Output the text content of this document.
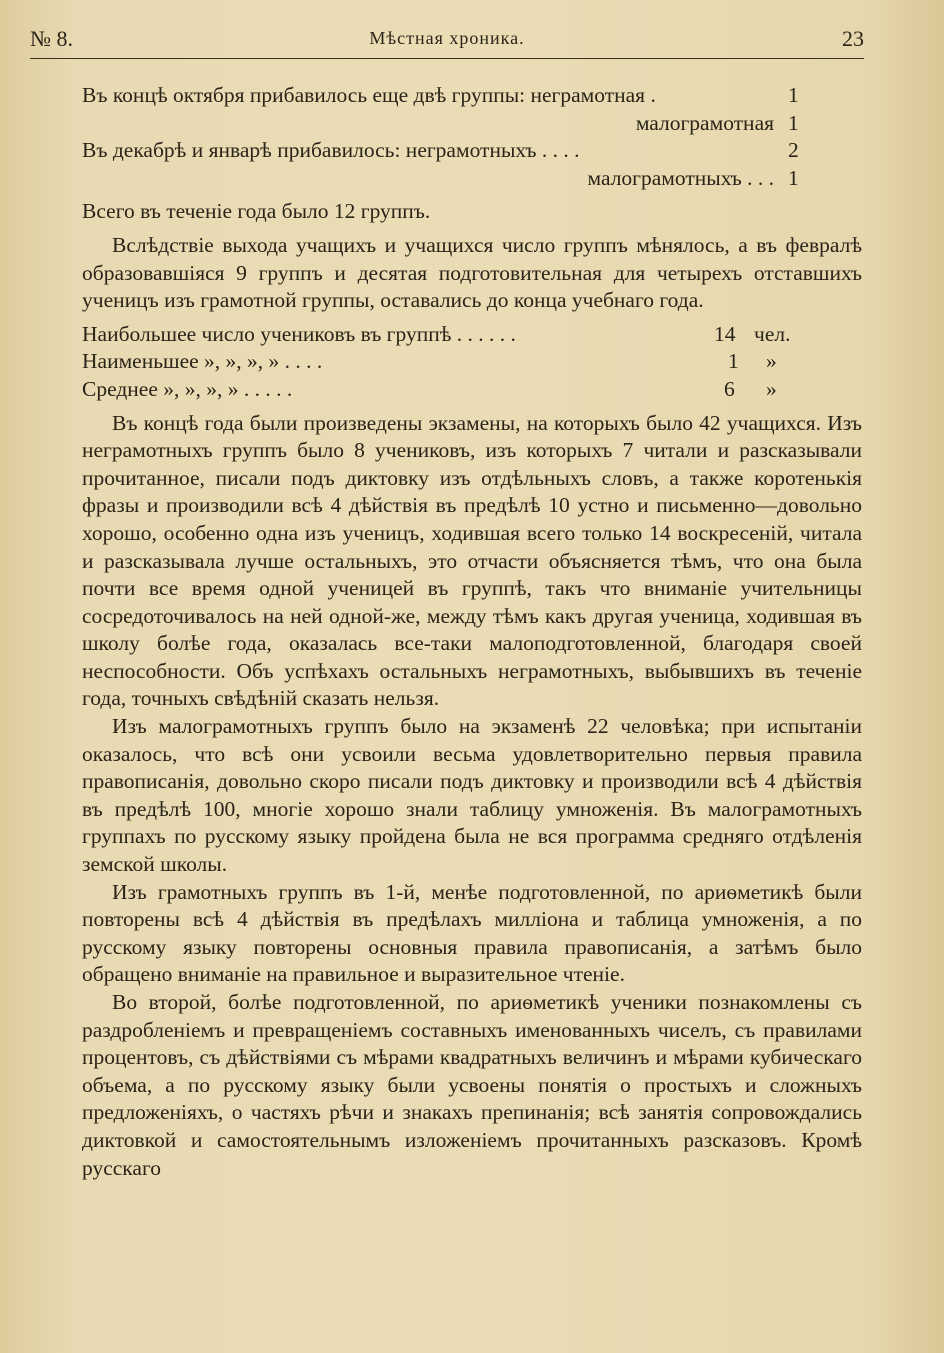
№ 8.	Мѣстная хроника.	23
Въ концѣ октября прибавилось еще двѣ группы: неграмотная .	1
малограмотная 1
Въ декабрѣ и январѣ прибавилось: неграмотныхъ . . . .	2
малограмотныхъ . . . 1

Всего въ теченіе года было 12 группъ.

Вслѣдствіе выхода учащихъ и учащихся число группъ мѣнялось, а въ февралѣ образовавшіяся 9 группъ и десятая подготовительная для четырехъ отставшихъ ученицъ изъ грамотной группы, оставались до конца учебнаго года.

Наибольшее число учениковъ въ группѣ . . . . . .	14 чел.
Наименьшее », », », » . . . .	1 »
Среднее », », », » . . . . .	6 »

Въ концѣ года были произведены экзамены, на которыхъ было 42 учащихся. Изъ неграмотныхъ группъ было 8 учениковъ, изъ которыхъ 7 читали и разсказывали прочитанное, писали подъ диктовку изъ отдѣльныхъ словъ, а также коротенькія фразы и производили всѣ 4 дѣйствія въ предѣлѣ 10 устно и письменно—довольно хорошо, особенно одна изъ ученицъ, ходившая всего только 14 воскресеній, читала и разсказывала лучше остальныхъ, это отчасти объясняется тѣмъ, что она была почти все время одной ученицей въ группѣ, такъ что вниманіе учительницы сосредоточивалось на ней одной-же, между тѣмъ какъ другая ученица, ходившая въ школу болѣе года, оказалась все-таки малоподготовленной, благодаря своей неспособности. Объ успѣхахъ остальныхъ неграмотныхъ, выбывшихъ въ теченіе года, точныхъ свѣдѣній сказать нельзя.

Изъ малограмотныхъ группъ было на экзаменѣ 22 человѣка; при испытаніи оказалось, что всѣ они усвоили весьма удовлетворительно первыя правила правописанія, довольно скоро писали подъ диктовку и производили всѣ 4 дѣйствія въ предѣлѣ 100, многіе хорошо знали таблицу умноженія. Въ малограмотныхъ группахъ по русскому языку пройдена была не вся программа средняго отдѣленія земской школы.

Изъ грамотныхъ группъ въ 1-й, менѣе подготовленной, по ариѳметикѣ были повторены всѣ 4 дѣйствія въ предѣлахъ милліона и таблица умноженія, а по русскому языку повторены основныя правила правописанія, а затѣмъ было обращено вниманіе на правильное и выразительное чтеніе.

Во второй, болѣе подготовленной, по ариѳметикѣ ученики познакомлены съ раздробленіемъ и превращеніемъ составныхъ именованныхъ чиселъ, съ правилами процентовъ, съ дѣйствіями съ мѣрами квадратныхъ величинъ и мѣрами кубическаго объема, а по русскому языку были усвоены понятія о простыхъ и сложныхъ предложеніяхъ, о частяхъ рѣчи и знакахъ препинанія; всѣ занятія сопровождались диктовкой и самостоятельнымъ изложеніемъ прочитанныхъ разсказовъ. Кромѣ русскаго
